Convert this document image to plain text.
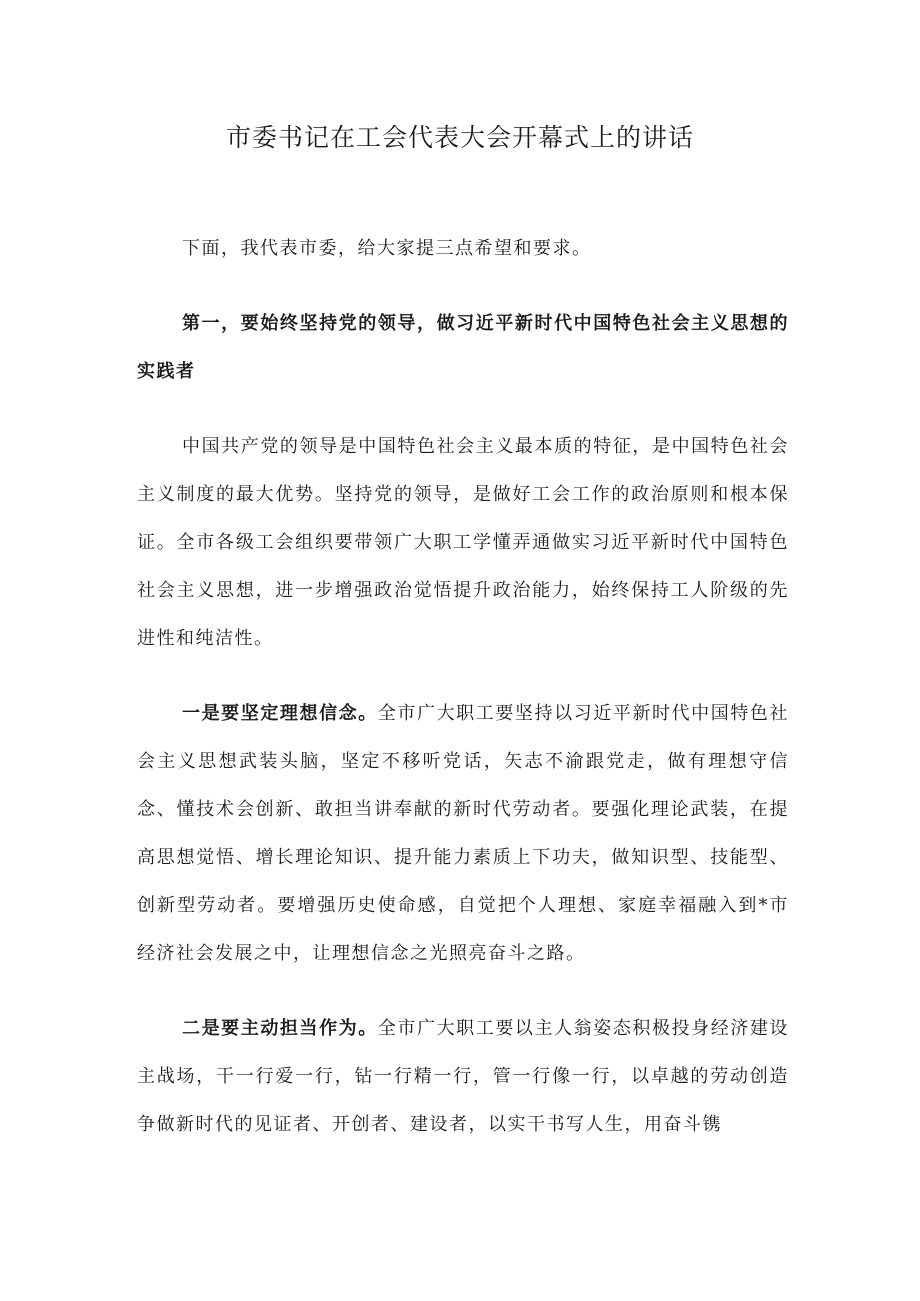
市委书记在工会代表大会开幕式上的讲话

下面，我代表市委，给大家提三点希望和要求。

第一，要始终坚持党的领导，做习近平新时代中国特色社会主义思想的实践者

中国共产党的领导是中国特色社会主义最本质的特征，是中国特色社会主义制度的最大优势。坚持党的领导，是做好工会工作的政治原则和根本保证。全市各级工会组织要带领广大职工学懂弄通做实习近平新时代中国特色社会主义思想，进一步增强政治觉悟提升政治能力，始终保持工人阶级的先进性和纯洁性。

一是要坚定理想信念。全市广大职工要坚持以习近平新时代中国特色社会主义思想武装头脑，坚定不移听党话，矢志不渝跟党走，做有理想守信念、懂技术会创新、敢担当讲奉献的新时代劳动者。要强化理论武装，在提高思想觉悟、增长理论知识、提升能力素质上下功夫，做知识型、技能型、创新型劳动者。要增强历史使命感，自觉把个人理想、家庭幸福融入到*市经济社会发展之中，让理想信念之光照亮奋斗之路。

二是要主动担当作为。全市广大职工要以主人翁姿态积极投身经济建设主战场，干一行爱一行，钻一行精一行，管一行像一行，以卓越的劳动创造争做新时代的见证者、开创者、建设者，以实干书写人生，用奋斗镌
